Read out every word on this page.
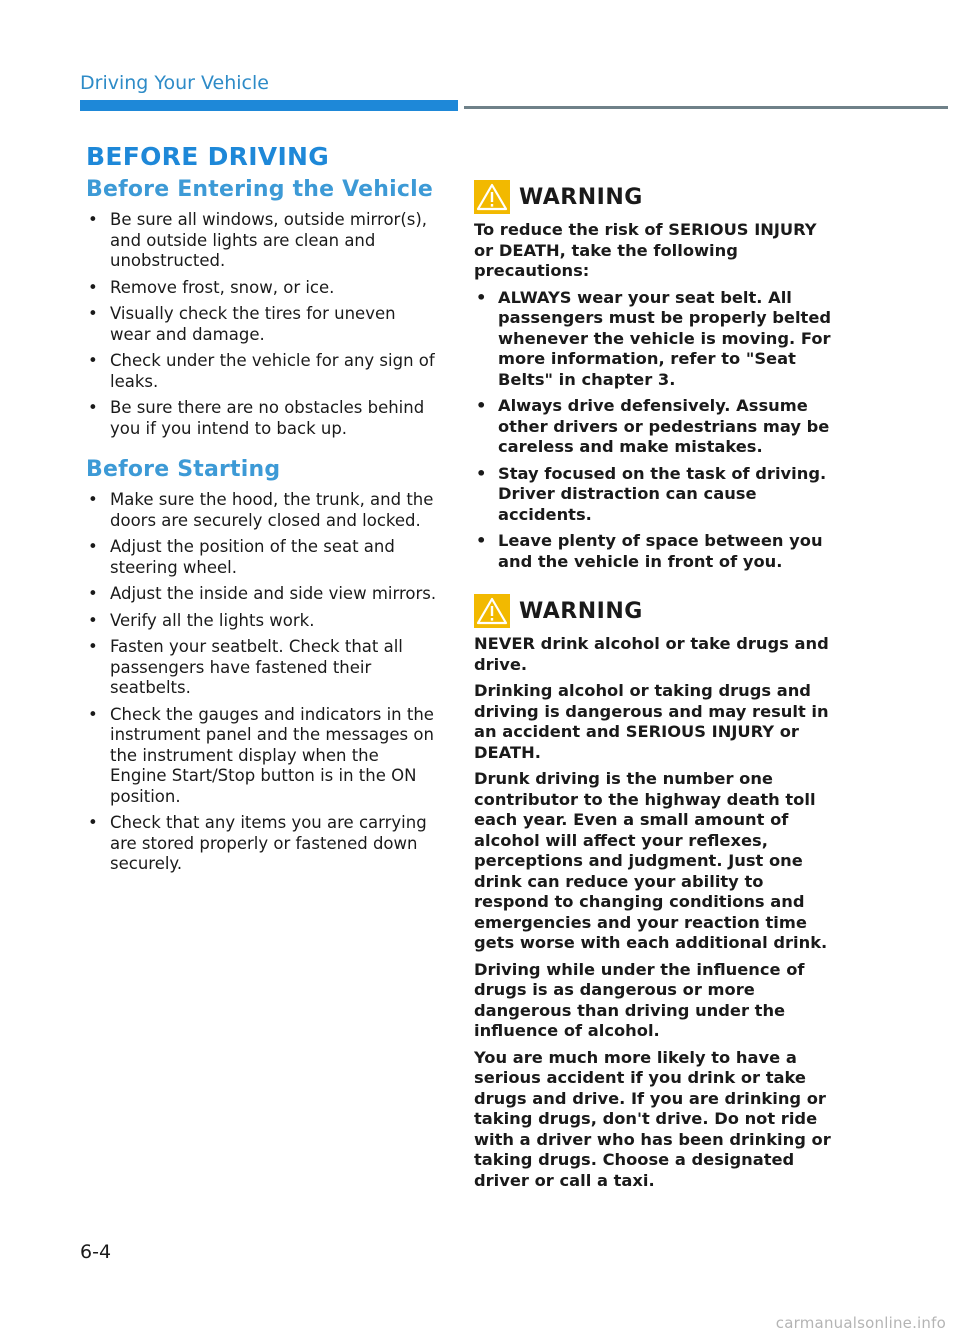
Driving Your Vehicle
BEFORE DRIVING
Before Entering the Vehicle
• Be sure all windows, outside mirror(s), and outside lights are clean and unobstructed.
• Remove frost, snow, or ice.
• Visually check the tires for uneven wear and damage.
• Check under the vehicle for any sign of leaks.
• Be sure there are no obstacles behind you if you intend to back up.
Before Starting
• Make sure the hood, the trunk, and the doors are securely closed and locked.
• Adjust the position of the seat and steering wheel.
• Adjust the inside and side view mirrors.
• Verify all the lights work.
• Fasten your seatbelt. Check that all passengers have fastened their seatbelts.
• Check the gauges and indicators in the instrument panel and the messages on the instrument display when the Engine Start/Stop button is in the ON position.
• Check that any items you are carrying are stored properly or fastened down securely.
WARNING

To reduce the risk of SERIOUS INJURY or DEATH, take the following precautions:

• ALWAYS wear your seat belt. All passengers must be properly belted whenever the vehicle is moving. For more information, refer to "Seat Belts" in chapter 3.
• Always drive defensively. Assume other drivers or pedestrians may be careless and make mistakes.
• Stay focused on the task of driving. Driver distraction can cause accidents.
• Leave plenty of space between you and the vehicle in front of you.
WARNING

NEVER drink alcohol or take drugs and drive.

Drinking alcohol or taking drugs and driving is dangerous and may result in an accident and SERIOUS INJURY or DEATH.

Drunk driving is the number one contributor to the highway death toll each year. Even a small amount of alcohol will affect your reflexes, perceptions and judgment. Just one drink can reduce your ability to respond to changing conditions and emergencies and your reaction time gets worse with each additional drink.

Driving while under the influence of drugs is as dangerous or more dangerous than driving under the influence of alcohol.

You are much more likely to have a serious accident if you drink or take drugs and drive. If you are drinking or taking drugs, don't drive. Do not ride with a driver who has been drinking or taking drugs. Choose a designated driver or call a taxi.

6-4

carmanualsonline.info
